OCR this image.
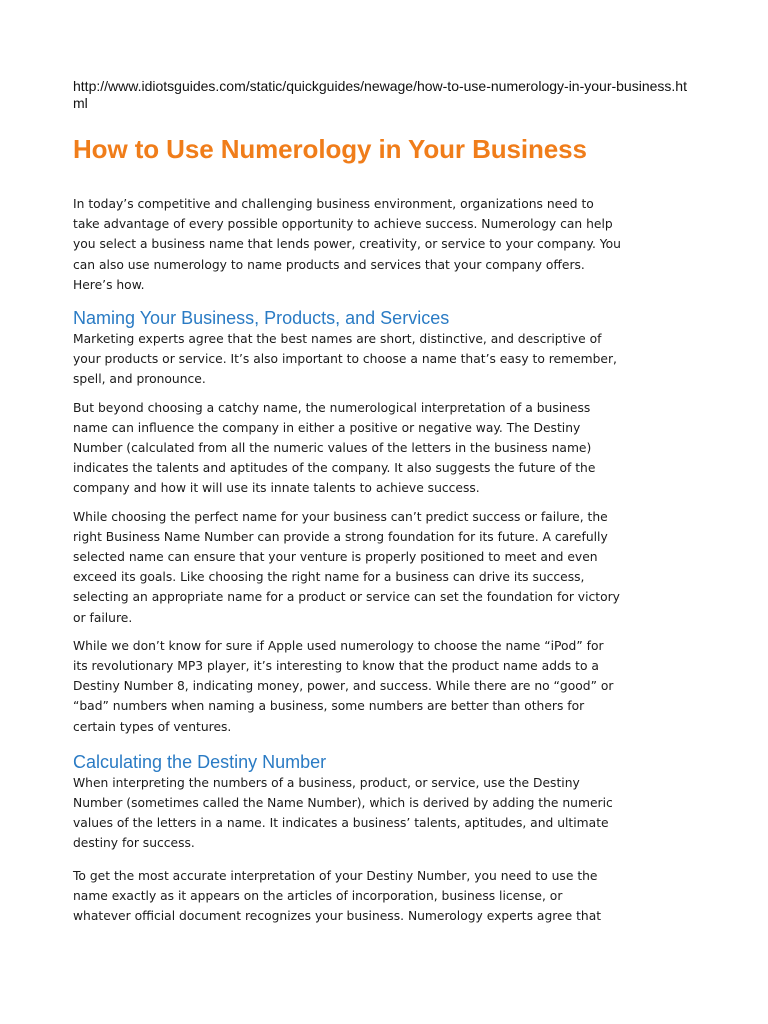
http://www.idiotsguides.com/static/quickguides/newage/how-to-use-numerology-in-your-business.html

How to Use Numerology in Your Business

In today’s competitive and challenging business environment, organizations need to take advantage of every possible opportunity to achieve success. Numerology can help you select a business name that lends power, creativity, or service to your company. You can also use numerology to name products and services that your company offers. Here’s how.

Naming Your Business, Products, and Services

Marketing experts agree that the best names are short, distinctive, and descriptive of your products or service. It’s also important to choose a name that’s easy to remember, spell, and pronounce.

But beyond choosing a catchy name, the numerological interpretation of a business name can influence the company in either a positive or negative way. The Destiny Number (calculated from all the numeric values of the letters in the business name) indicates the talents and aptitudes of the company. It also suggests the future of the company and how it will use its innate talents to achieve success.

While choosing the perfect name for your business can’t predict success or failure, the right Business Name Number can provide a strong foundation for its future. A carefully selected name can ensure that your venture is properly positioned to meet and even exceed its goals. Like choosing the right name for a business can drive its success, selecting an appropriate name for a product or service can set the foundation for victory or failure.

While we don’t know for sure if Apple used numerology to choose the name “iPod” for its revolutionary MP3 player, it’s interesting to know that the product name adds to a Destiny Number 8, indicating money, power, and success. While there are no “good” or “bad” numbers when naming a business, some numbers are better than others for certain types of ventures.

Calculating the Destiny Number

When interpreting the numbers of a business, product, or service, use the Destiny Number (sometimes called the Name Number), which is derived by adding the numeric values of the letters in a name. It indicates a business’ talents, aptitudes, and ultimate destiny for success.

To get the most accurate interpretation of your Destiny Number, you need to use the name exactly as it appears on the articles of incorporation, business license, or whatever official document recognizes your business. Numerology experts agree that
